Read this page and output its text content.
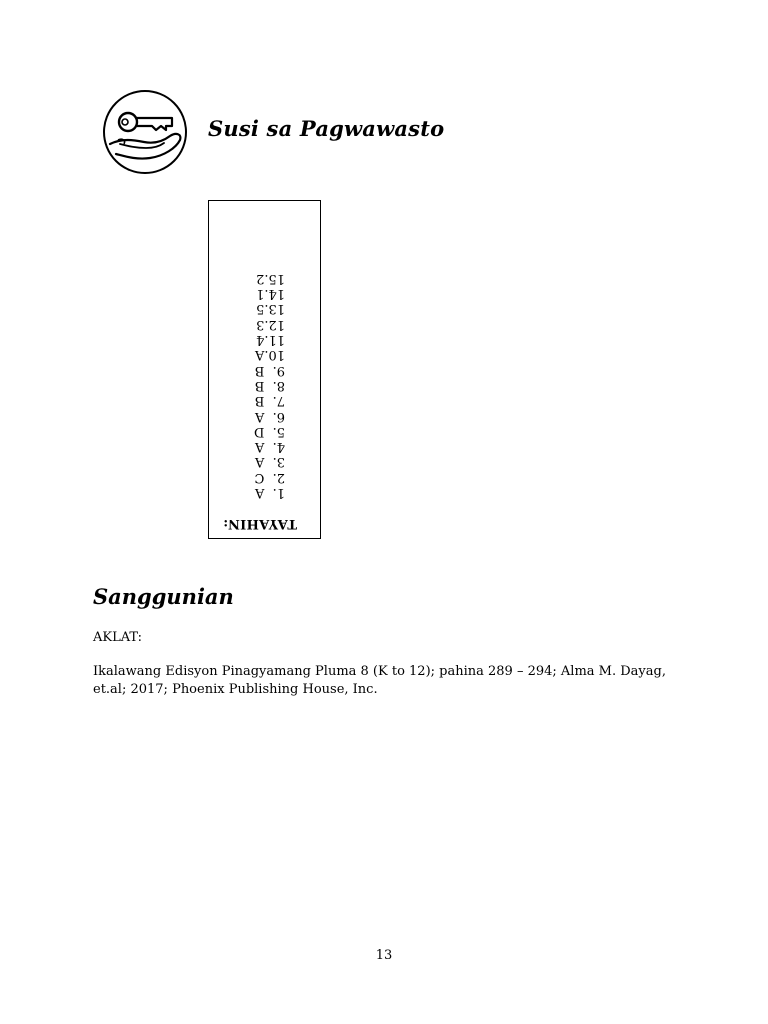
Susi sa Pagwawasto
TAYAHIN:
1.  A
2.  C
3.  A
4.  A
5.  D
6.  A
7.  B
8.  B
9.  B
10.A
11.4
12.3
13.5
14.1
15.2
Sanggunian
AKLAT:

Ikalawang Edisyon Pinagyamang Pluma 8 (K to 12); pahina 289 – 294; Alma M. Dayag, et.al; 2017; Phoenix Publishing House, Inc.

13
